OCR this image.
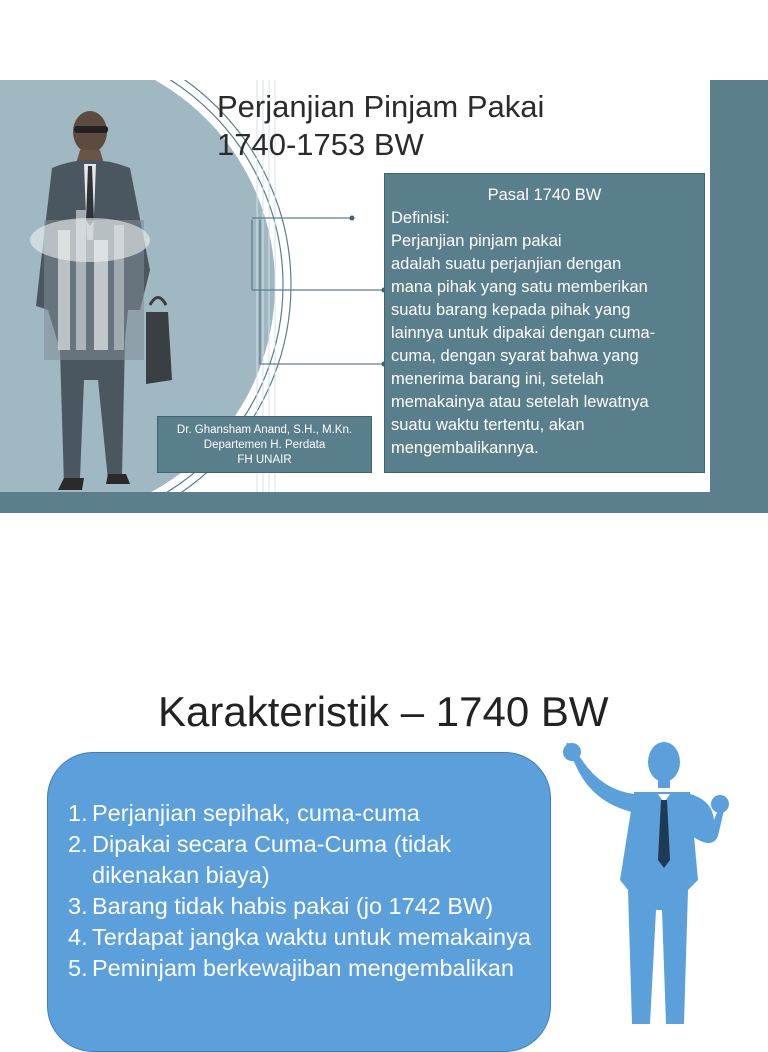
Perjanjian Pinjam Pakai
1740-1753 BW
Pasal 1740 BW
Definisi:
Perjanjian pinjam pakai
adalah suatu perjanjian dengan
mana pihak yang satu memberikan
suatu barang kepada pihak yang
lainnya untuk dipakai dengan cuma-
cuma, dengan syarat bahwa yang
menerima barang ini, setelah
memakainya atau setelah lewatnya
suatu waktu tertentu, akan
mengembalikannya.
Dr. Ghansham Anand, S.H., M.Kn.
Departemen H. Perdata
FH UNAIR
Karakteristik – 1740 BW
Perjanjian sepihak, cuma-cuma
Dipakai secara Cuma-Cuma (tidak dikenakan biaya)
Barang tidak habis pakai (jo 1742 BW)
Terdapat jangka waktu untuk memakainya
Peminjam berkewajiban mengembalikan
